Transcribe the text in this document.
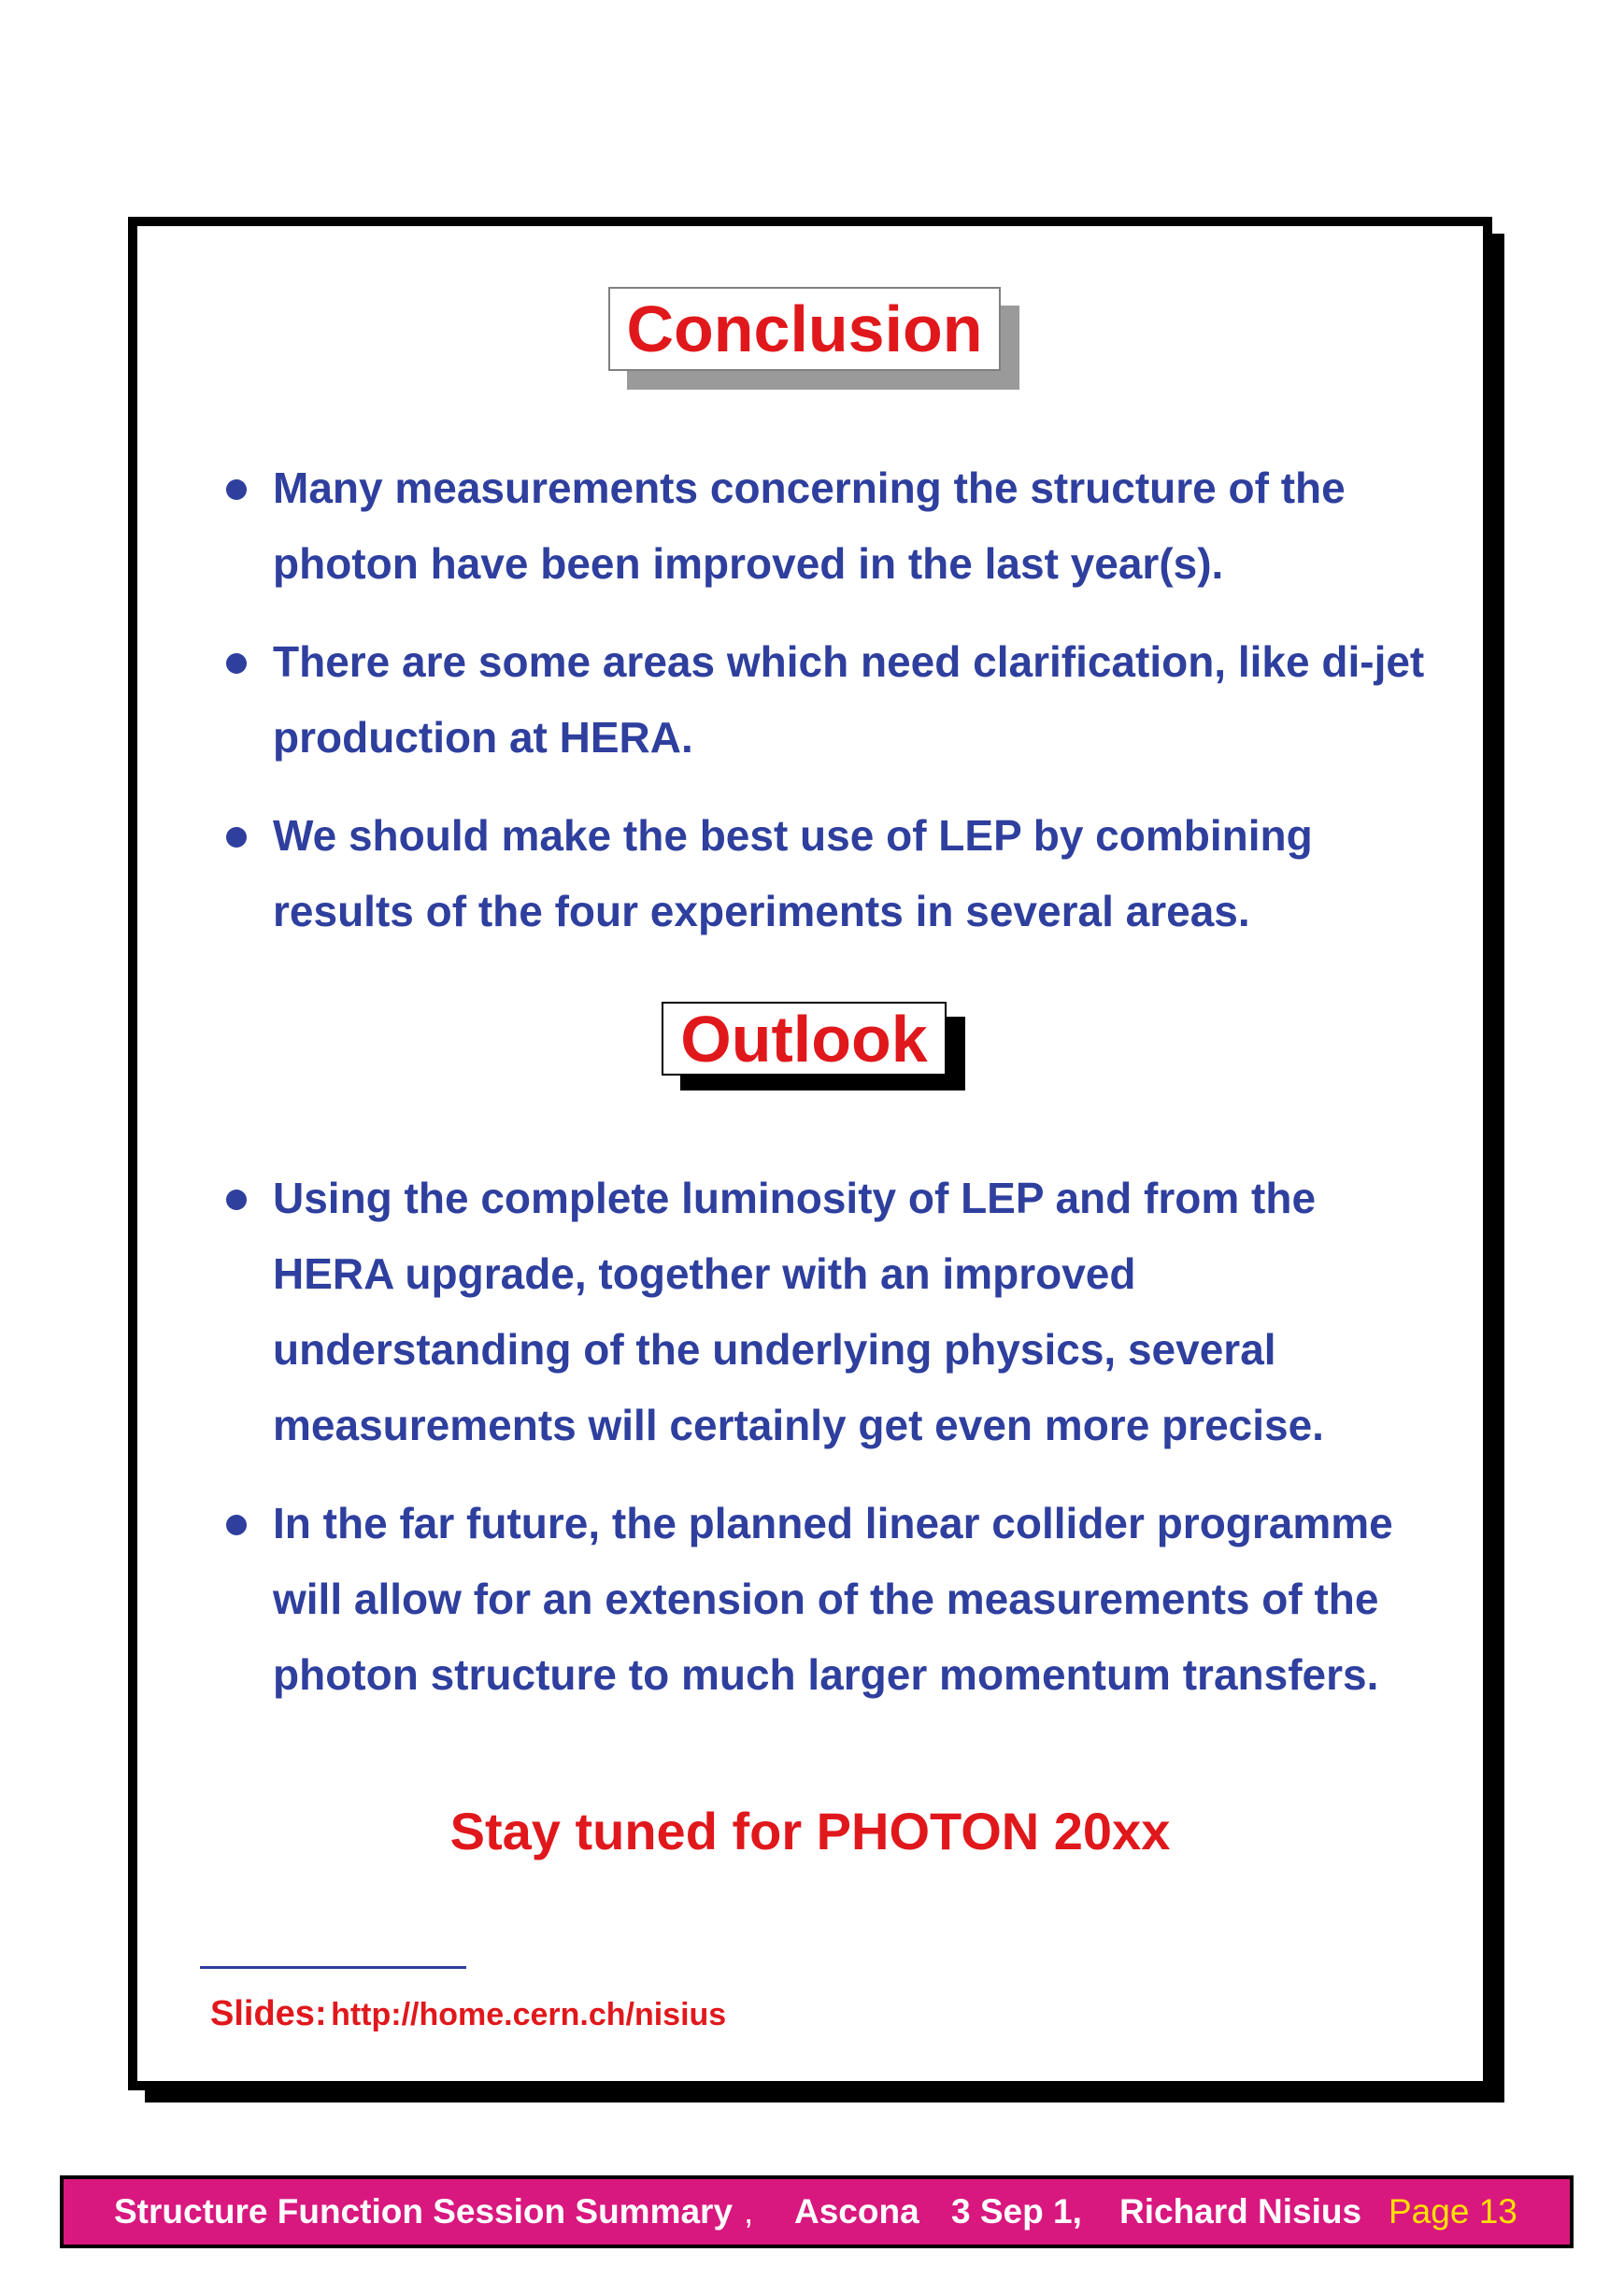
Conclusion
Many measurements concerning the structure of the photon have been improved in the last year(s).
There are some areas which need clarification, like di-jet production at HERA.
We should make the best use of LEP by combining results of the four experiments in several areas.
Outlook
Using the complete luminosity of LEP and from the HERA upgrade, together with an improved understanding of the underlying physics, several measurements will certainly get even more precise.
In the far future, the planned linear collider programme will allow for an extension of the measurements of the photon structure to much larger momentum transfers.
Stay tuned for PHOTON 20xx
Slides: http://home.cern.ch/nisius
Structure Function Session Summary , Ascona 3 Sep 1, Richard Nisius Page 13
